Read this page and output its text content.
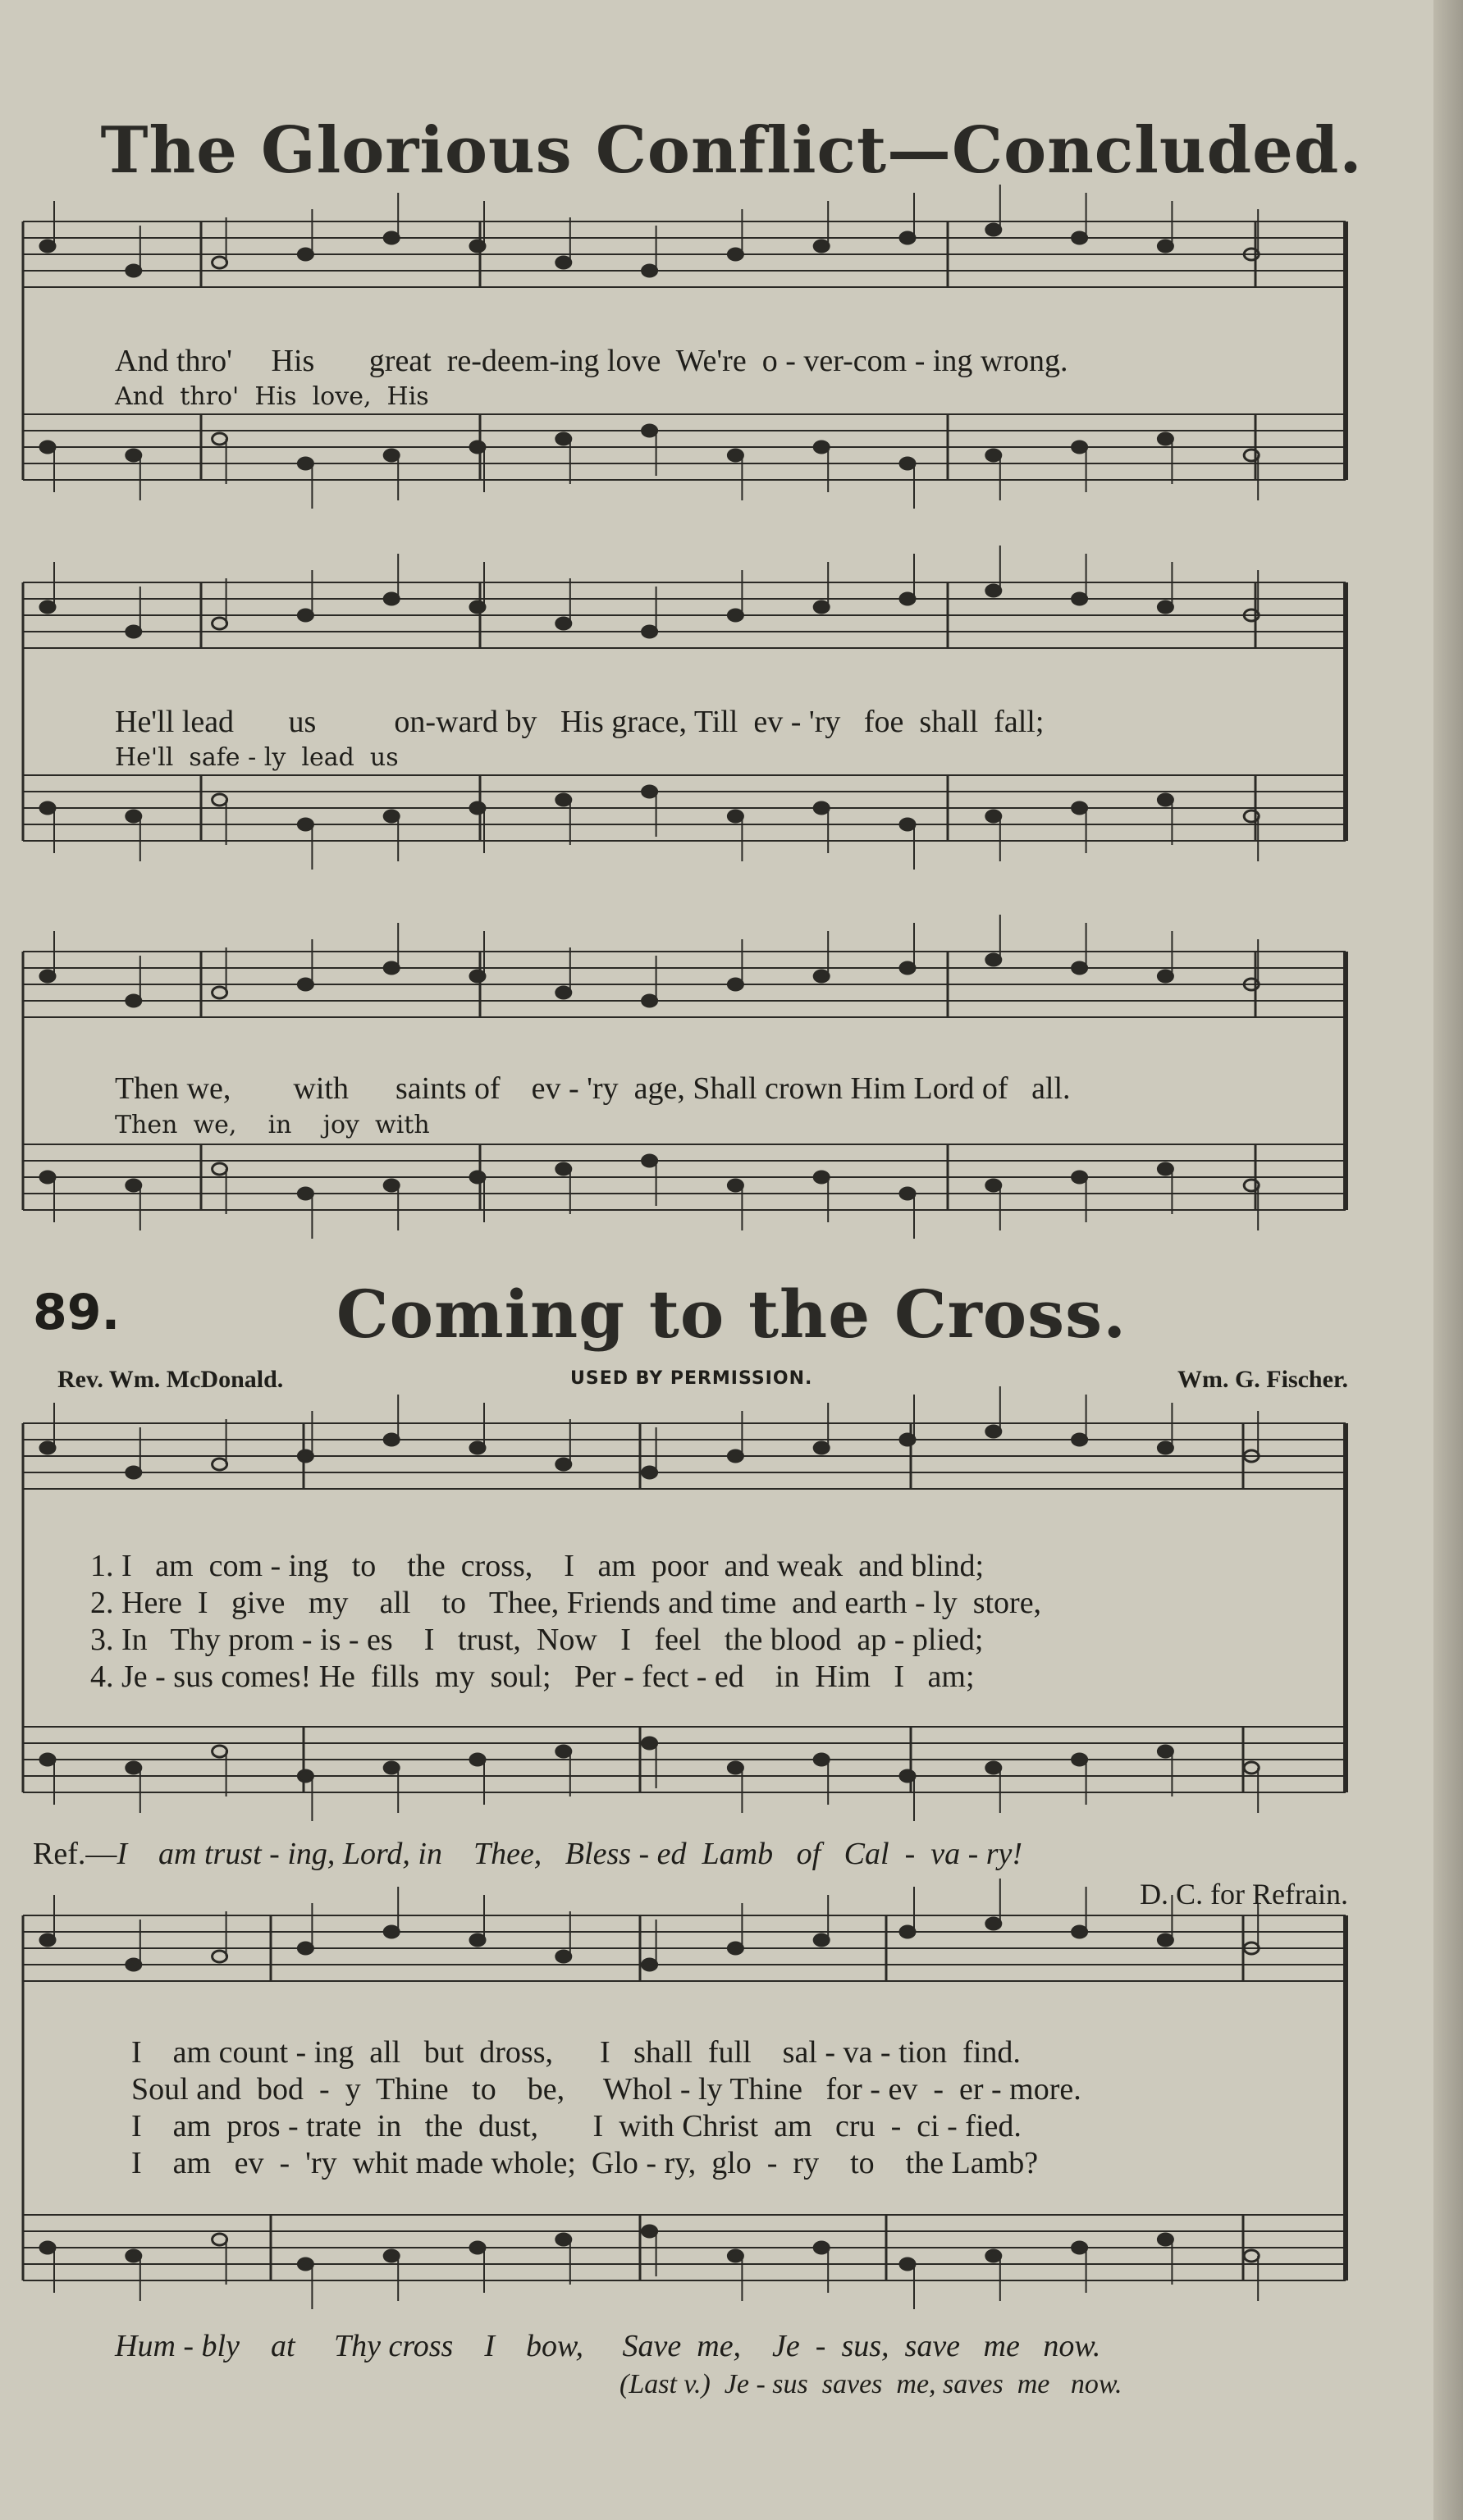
The Glorious Conflict—Concluded.
And thro'     His       great  re-deem-ing love  We're  o - ver-com - ing wrong.
And  thro'  His  love,  His
He'll lead       us          on-ward by   His grace, Till  ev - 'ry   foe  shall  fall;
He'll  safe - ly  lead  us
Then we,        with      saints of    ev - 'ry  age, Shall crown Him Lord of   all.
Then  we,    in    joy  with
89.	Coming to the Cross.
Rev. Wm. McDonald.	USED BY PERMISSION.	Wm. G. Fischer.
1. I   am  com - ing   to    the  cross,    I   am  poor  and weak  and blind;
2. Here  I   give   my    all    to   Thee, Friends and time  and earth - ly  store,
3. In   Thy prom - is - es    I   trust,  Now   I   feel   the blood  ap - plied;
4. Je - sus comes! He  fills  my  soul;   Per - fect - ed    in  Him   I   am;
Ref.—I    am trust - ing, Lord, in    Thee,   Bless - ed  Lamb   of   Cal  -  va - ry!
D. C. for Refrain.
I    am count - ing  all   but  dross,      I   shall  full    sal - va - tion  find.
Soul and  bod  -  y  Thine   to    be,     Whol - ly Thine   for - ev  -  er - more.
I    am  pros - trate  in   the  dust,       I  with Christ  am   cru  -  ci - fied.
I    am   ev  -  'ry  whit made whole;  Glo - ry,  glo  -  ry    to    the Lamb?
Hum - bly    at     Thy cross    I    bow,     Save  me,    Je  -  sus,  save   me   now.
(Last v.)  Je - sus  saves  me, saves  me   now.
